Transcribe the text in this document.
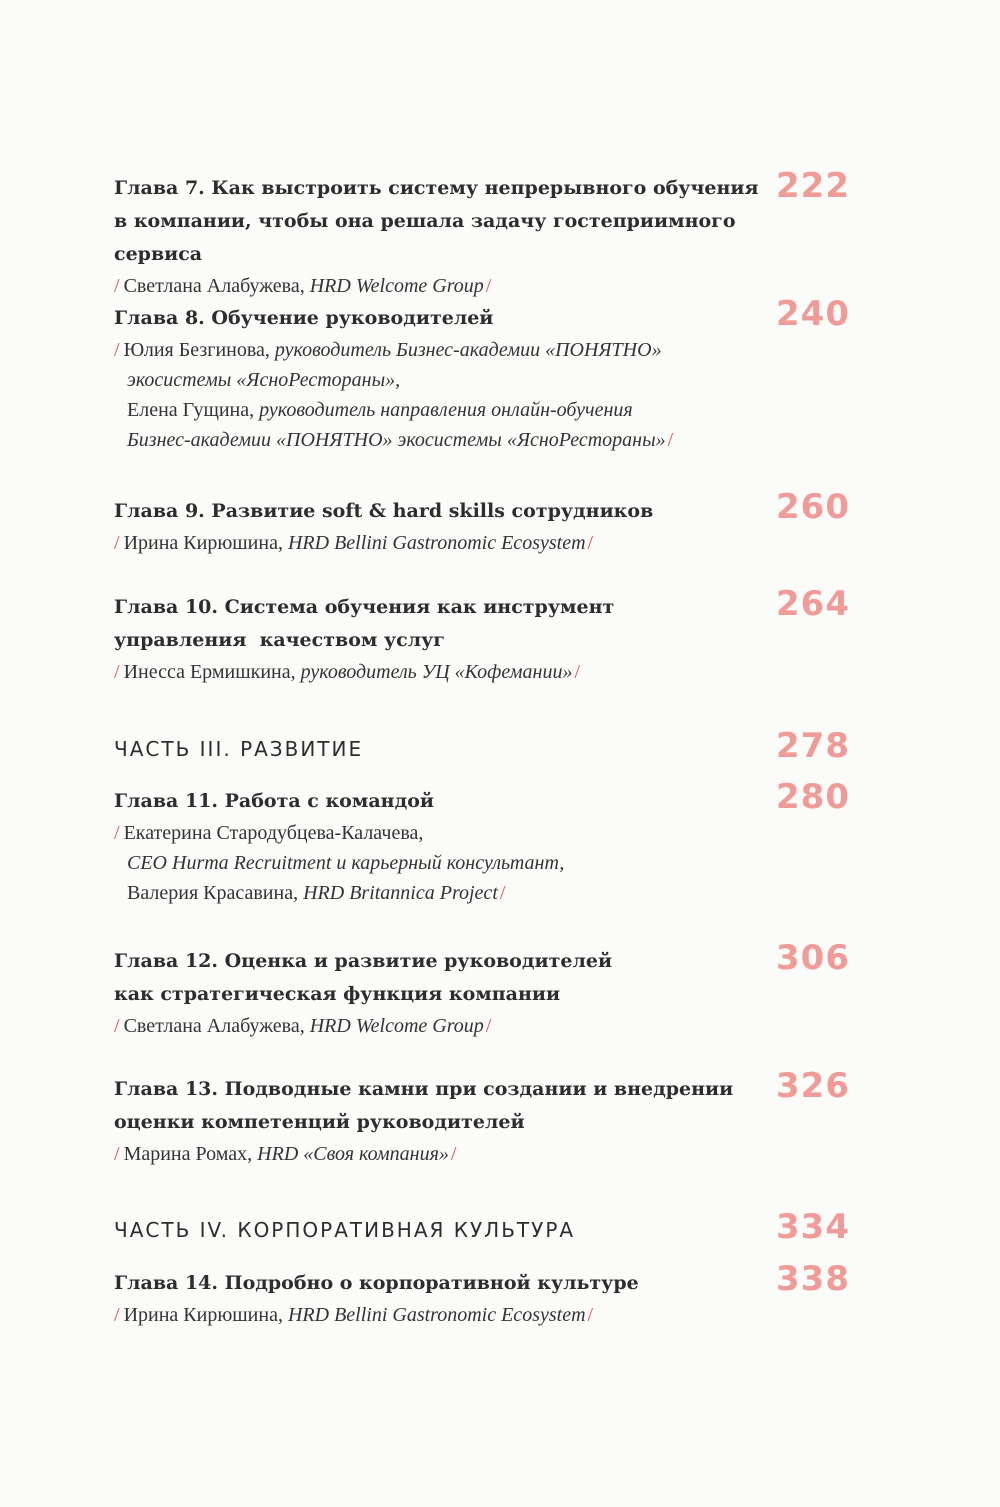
Глава 7. Как выстроить систему непрерывного обучения
в компании, чтобы она решала задачу гостеприимного сервиса
/ Светлана Алабужева, HRD Welcome Group /
222
Глава 8. Обучение руководителей
/ Юлия Безгинова, руководитель Бизнес-академии «ПОНЯТНО»
экосистемы «ЯсноРестораны»,
Елена Гущина, руководитель направления онлайн-обучения
Бизнес-академии «ПОНЯТНО» экосистемы «ЯсноРестораны» /
240
Глава 9. Развитие soft & hard skills сотрудников
/ Ирина Кирюшина, HRD Bellini Gastronomic Ecosystem /
260
Глава 10. Система обучения как инструмент
управления  качеством услуг
/ Инесса Ермишкина, руководитель УЦ «Кофемании» /
264
ЧАСТЬ III. РАЗВИТИЕ	278
Глава 11. Работа с командой
/ Екатерина Стародубцева-Калачева,
CEO Hurma Recruitment и карьерный консультант,
Валерия Красавина, HRD Britannica Project /
280
Глава 12. Оценка и развитие руководителей
как стратегическая функция компании
/ Светлана Алабужева, HRD Welcome Group /
306
Глава 13. Подводные камни при создании и внедрении
оценки компетенций руководителей
/ Марина Ромах, HRD «Своя компания» /
326
ЧАСТЬ IV. КОРПОРАТИВНАЯ КУЛЬТУРА	334
Глава 14. Подробно о корпоративной культуре
/ Ирина Кирюшина, HRD Bellini Gastronomic Ecosystem /
338
